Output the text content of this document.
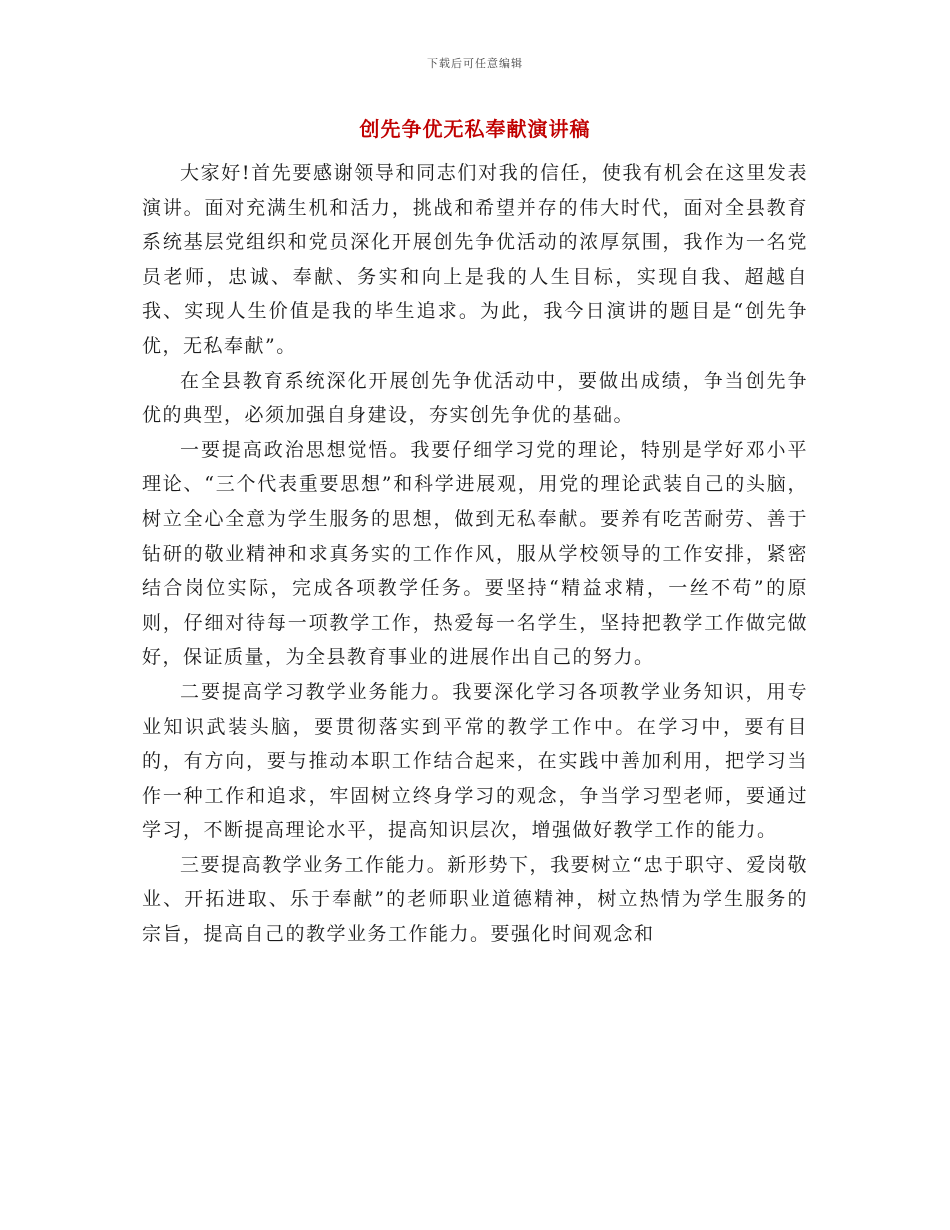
下载后可任意编辑
创先争优无私奉献演讲稿

大家好!首先要感谢领导和同志们对我的信任，使我有机会在这里发表演讲。面对充满生机和活力，挑战和希望并存的伟大时代，面对全县教育系统基层党组织和党员深化开展创先争优活动的浓厚氛围，我作为一名党员老师，忠诚、奉献、务实和向上是我的人生目标，实现自我、超越自我、实现人生价值是我的毕生追求。为此，我今日演讲的题目是“创先争优，无私奉献”。

在全县教育系统深化开展创先争优活动中，要做出成绩，争当创先争优的典型，必须加强自身建设，夯实创先争优的基础。

一要提高政治思想觉悟。我要仔细学习党的理论，特别是学好邓小平理论、“三个代表重要思想”和科学进展观，用党的理论武装自己的头脑，树立全心全意为学生服务的思想，做到无私奉献。要养有吃苦耐劳、善于钻研的敬业精神和求真务实的工作作风，服从学校领导的工作安排，紧密结合岗位实际，完成各项教学任务。要坚持“精益求精，一丝不苟”的原则，仔细对待每一项教学工作，热爱每一名学生，坚持把教学工作做完做好，保证质量，为全县教育事业的进展作出自己的努力。

二要提高学习教学业务能力。我要深化学习各项教学业务知识，用专业知识武装头脑，要贯彻落实到平常的教学工作中。在学习中，要有目的，有方向，要与推动本职工作结合起来，在实践中善加利用，把学习当作一种工作和追求，牢固树立终身学习的观念，争当学习型老师，要通过学习，不断提高理论水平，提高知识层次，增强做好教学工作的能力。

三要提高教学业务工作能力。新形势下，我要树立“忠于职守、爱岗敬业、开拓进取、乐于奉献”的老师职业道德精神，树立热情为学生服务的宗旨，提高自己的教学业务工作能力。要强化时间观念和
